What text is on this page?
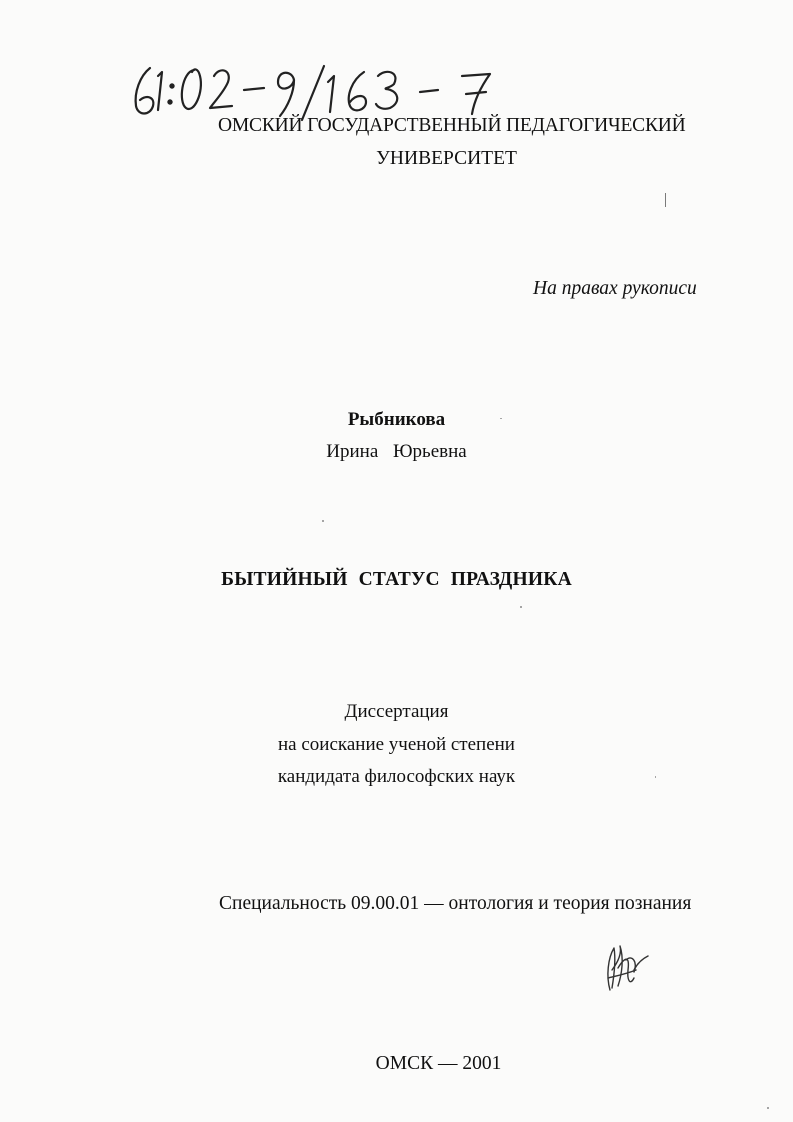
ОМСКИЙ ГОСУДАРСТВЕННЫЙ ПЕДАГОГИЧЕСКИЙ
УНИВЕРСИТЕТ
На правах рукописи
Рыбникова
Ирина Юрьевна
БЫТИЙНЫЙ СТАТУС ПРАЗДНИКА
Диссертация
на соискание ученой степени
кандидата философских наук
Специальность 09.00.01 — онтология и теория познания
ОМСК — 2001
